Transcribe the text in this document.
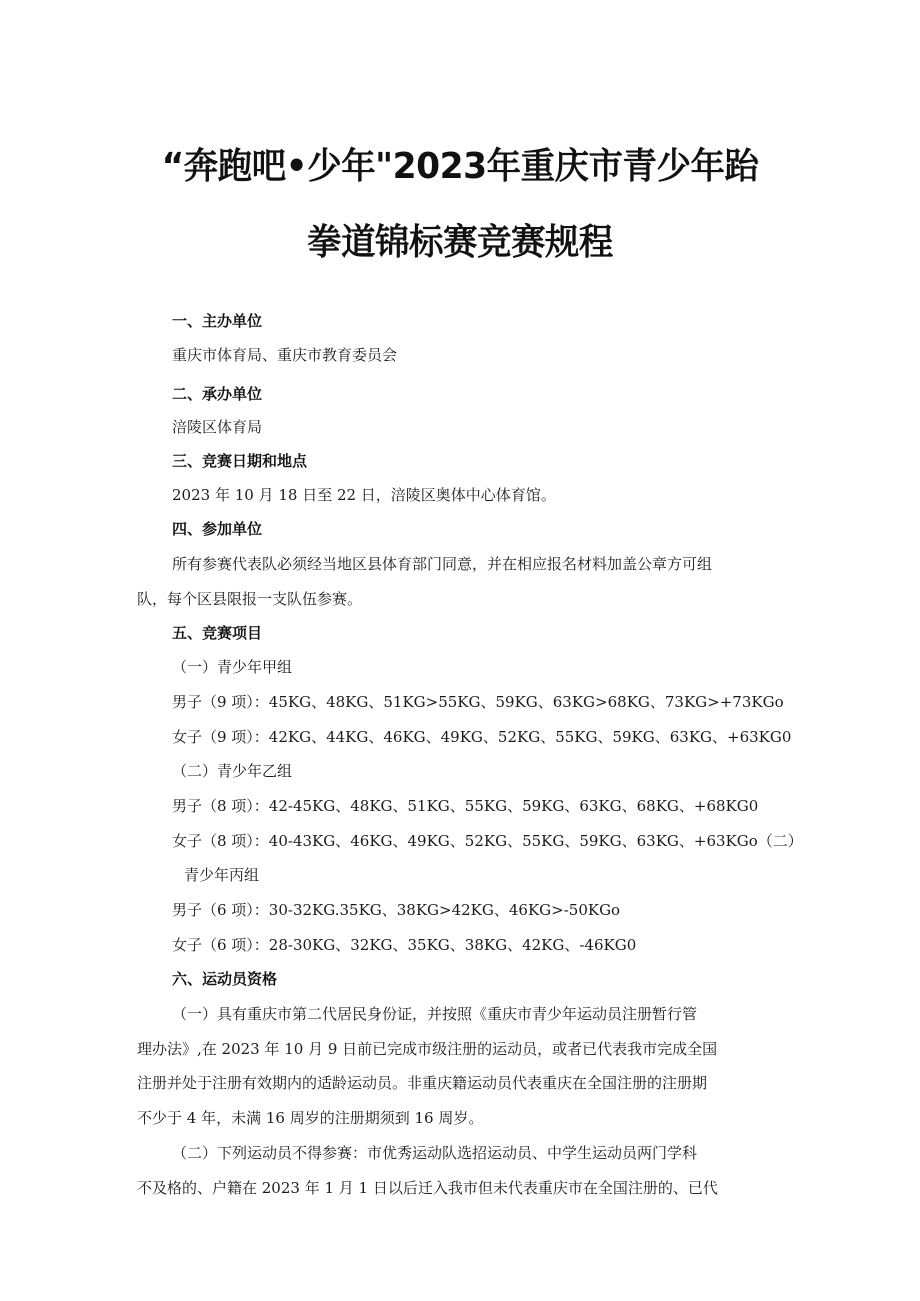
“奔跑吧•少年"2023年重庆市青少年跆
拳道锦标赛竞赛规程
一、主办单位
重庆市体育局、重庆市教育委员会
二、承办单位
涪陵区体育局
三、竞赛日期和地点
2023 年 10 月 18 日至 22 日，涪陵区奥体中心体育馆。
四、参加单位
所有参赛代表队必须经当地区县体育部门同意，并在相应报名材料加盖公章方可组
队，每个区县限报一支队伍参赛。
五、竞赛项目
（一）青少年甲组
男子（9 项）：45KG、48KG、51KG>55KG、59KG、63KG>68KG、73KG>+73KGo
女子（9 项）：42KG、44KG、46KG、49KG、52KG、55KG、59KG、63KG、+63KG0
（二）青少年乙组
男子（8 项）：42-45KG、48KG、51KG、55KG、59KG、63KG、68KG、+68KG0
女子（8 项）：40-43KG、46KG、49KG、52KG、55KG、59KG、63KG、+63KGo（二）
青少年丙组
男子（6 项）：30-32KG.35KG、38KG>42KG、46KG>-50KGo
女子（6 项）：28-30KG、32KG、35KG、38KG、42KG、-46KG0
六、运动员资格
（一）具有重庆市第二代居民身份证，并按照《重庆市青少年运动员注册暂行管
理办法》,在 2023 年 10 月 9 日前已完成市级注册的运动员，或者已代表我市完成全国
注册并处于注册有效期内的适龄运动员。非重庆籍运动员代表重庆在全国注册的注册期
不少于 4 年，未满 16 周岁的注册期须到 16 周岁。
（二）下列运动员不得参赛：市优秀运动队选招运动员、中学生运动员两门学科
不及格的、户籍在 2023 年 1 月 1 日以后迁入我市但未代表重庆市在全国注册的、已代
